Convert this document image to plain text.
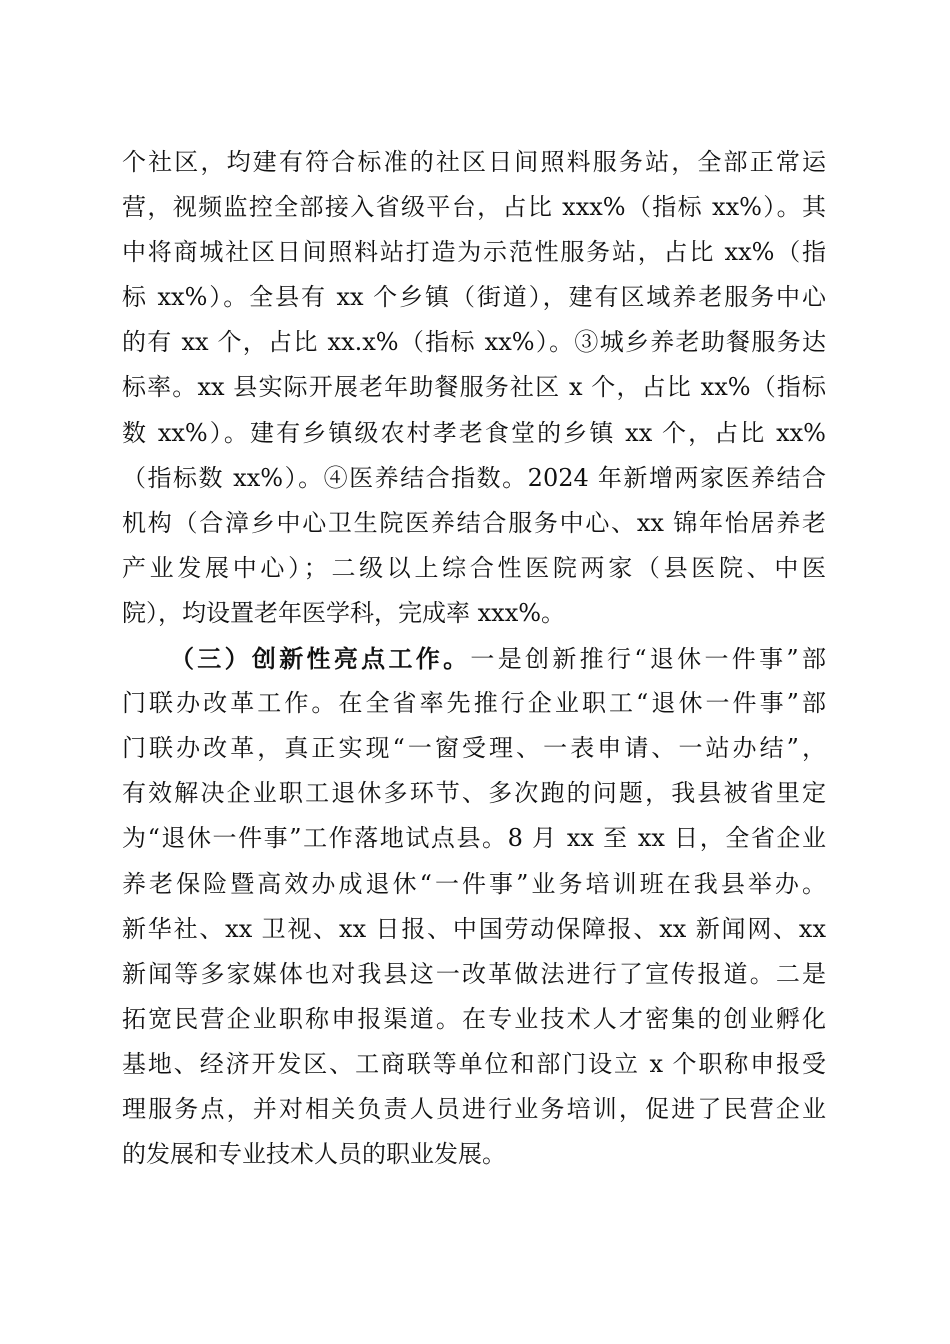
个社区，均建有符合标准的社区日间照料服务站，全部正常运
营，视频监控全部接入省级平台，占比 xxx%（指标 xx%）。其
中将商城社区日间照料站打造为示范性服务站，占比 xx%（指
标 xx%）。全县有 xx 个乡镇（街道），建有区域养老服务中心
的有 xx 个，占比 xx.x%（指标 xx%）。③城乡养老助餐服务达
标率。xx 县实际开展老年助餐服务社区 x 个，占比 xx%（指标
数 xx%）。建有乡镇级农村孝老食堂的乡镇 xx 个，占比 xx%
（指标数 xx%）。④医养结合指数。2024 年新增两家医养结合
机构（合漳乡中心卫生院医养结合服务中心、xx 锦年怡居养老
产业发展中心）；二级以上综合性医院两家（县医院、中医
院），均设置老年医学科，完成率 xxx%。
（三）创新性亮点工作。一是创新推行“退休一件事”部
门联办改革工作。在全省率先推行企业职工“退休一件事”部
门联办改革，真正实现“一窗受理、一表申请、一站办结”，
有效解决企业职工退休多环节、多次跑的问题，我县被省里定
为“退休一件事”工作落地试点县。8 月 xx 至 xx 日，全省企业
养老保险暨高效办成退休“一件事”业务培训班在我县举办。
新华社、xx 卫视、xx 日报、中国劳动保障报、xx 新闻网、xx
新闻等多家媒体也对我县这一改革做法进行了宣传报道。二是
拓宽民营企业职称申报渠道。在专业技术人才密集的创业孵化
基地、经济开发区、工商联等单位和部门设立 x 个职称申报受
理服务点，并对相关负责人员进行业务培训，促进了民营企业
的发展和专业技术人员的职业发展。
